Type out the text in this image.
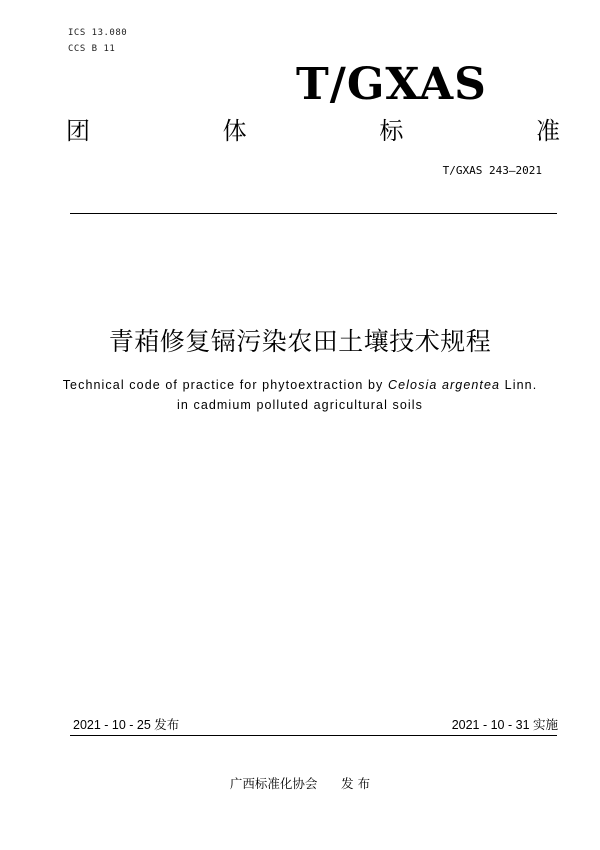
ICS 13.080
CCS B 11
T/GXAS
团	体	标	准
T/GXAS 243—2021
青葙修复镉污染农田土壤技术规程
Technical code of practice for phytoextraction by Celosia argentea Linn.
in cadmium polluted agricultural soils
2021 - 10 - 25 发布	2021 - 10 - 31 实施
广西标准化协会      发 布
